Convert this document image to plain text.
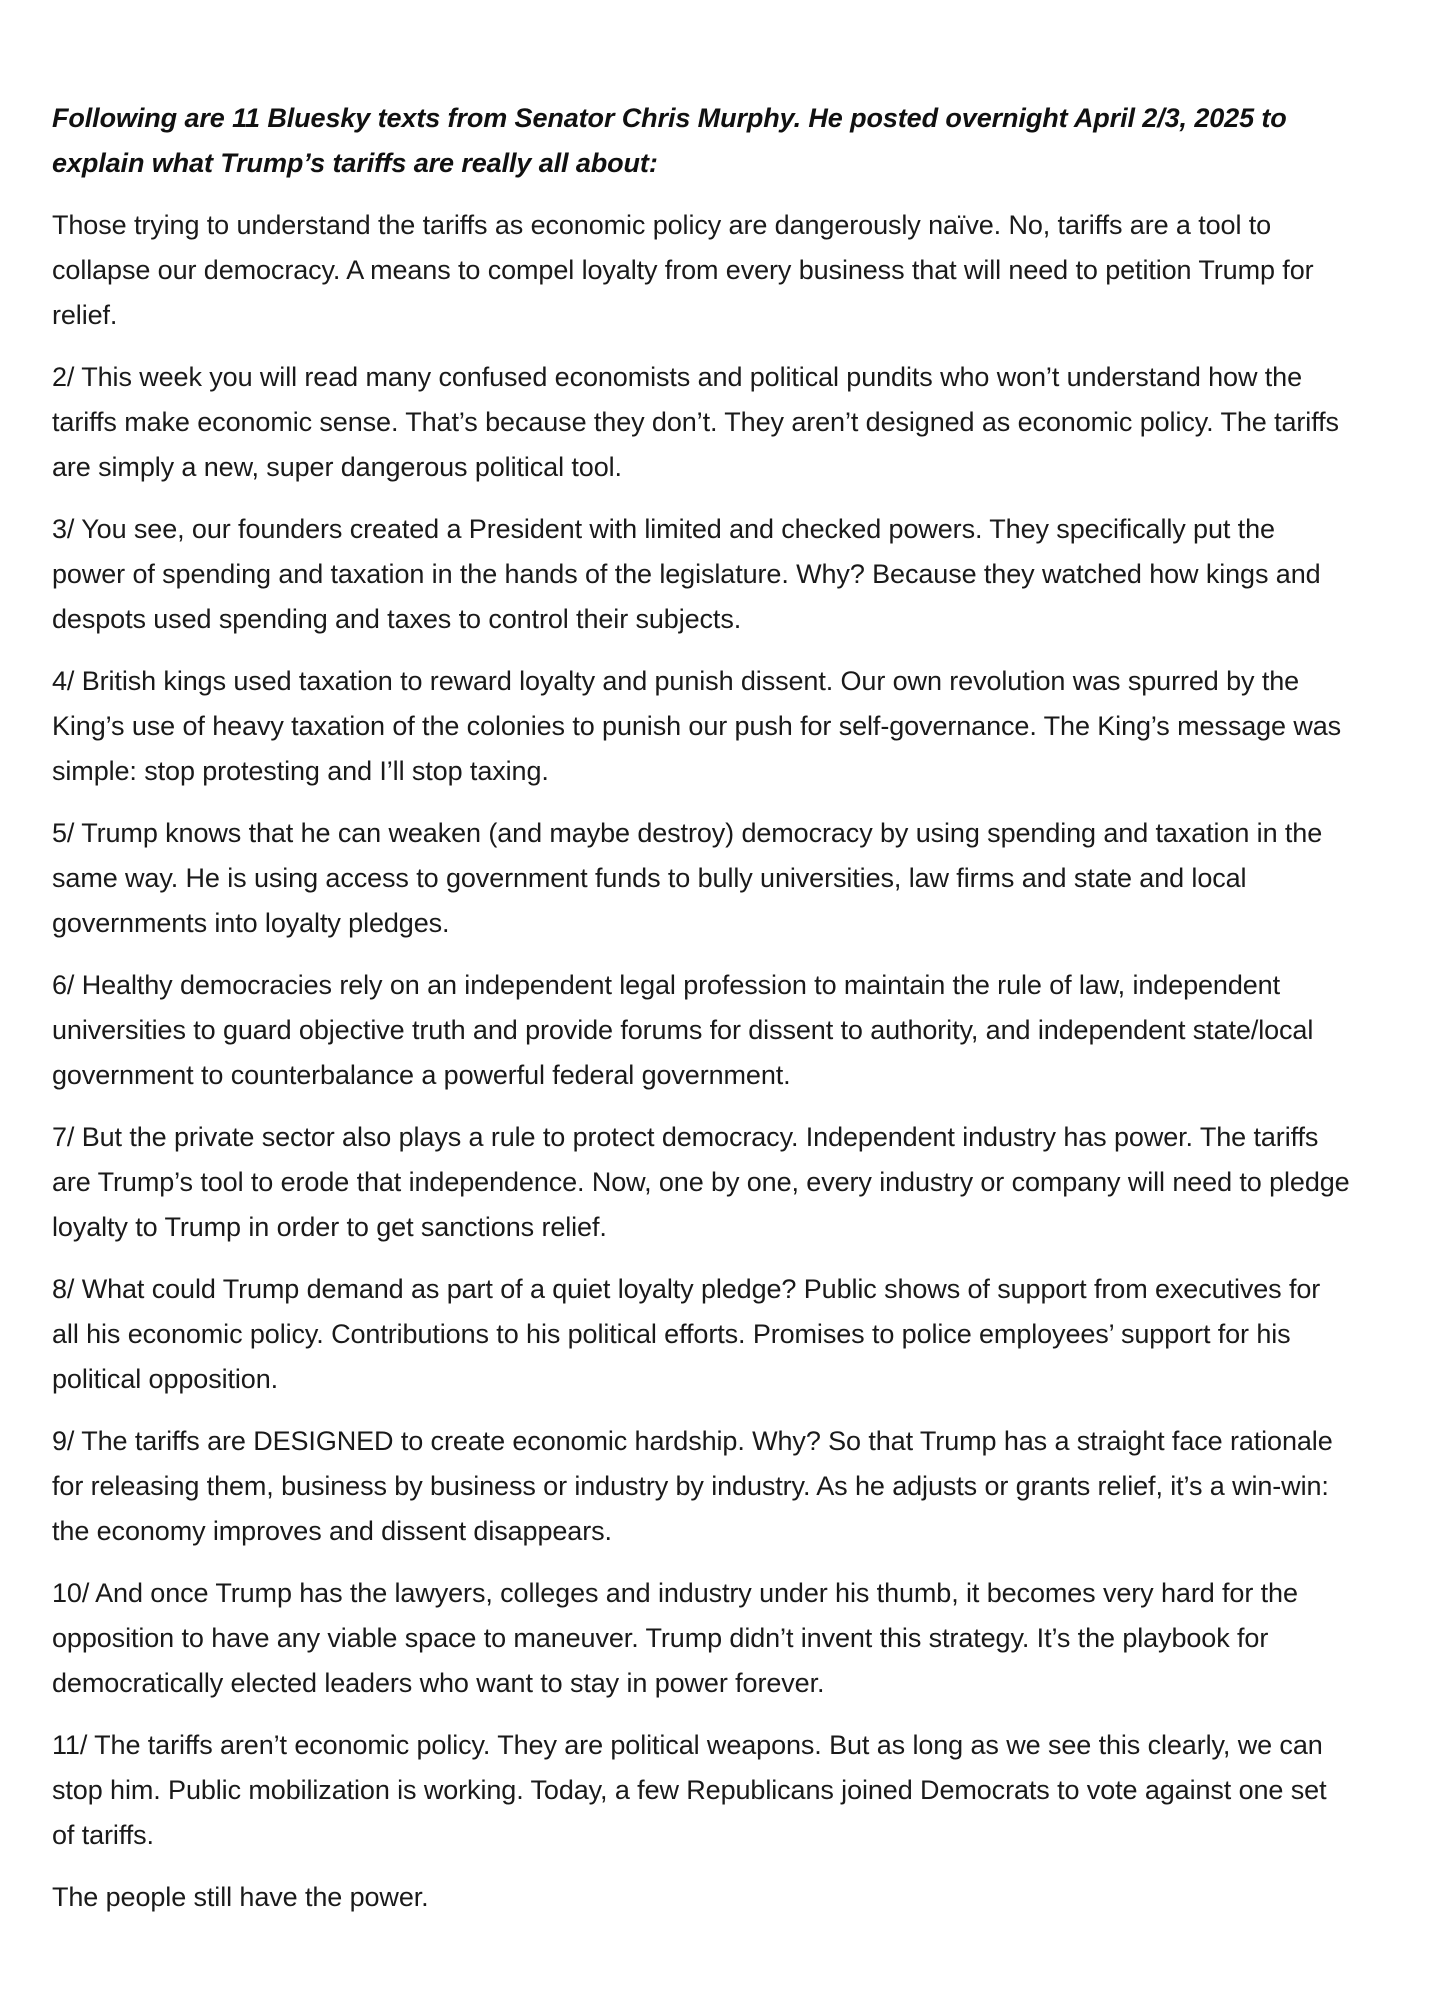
Following are 11 Bluesky texts from Senator Chris Murphy. He posted overnight April 2/3, 2025 to explain what Trump’s tariffs are really all about:

Those trying to understand the tariffs as economic policy are dangerously naïve. No, tariffs are a tool to collapse our democracy. A means to compel loyalty from every business that will need to petition Trump for relief.

2/ This week you will read many confused economists and political pundits who won’t understand how the tariffs make economic sense. That’s because they don’t. They aren’t designed as economic policy. The tariffs are simply a new, super dangerous political tool.

3/ You see, our founders created a President with limited and checked powers. They specifically put the power of spending and taxation in the hands of the legislature. Why? Because they watched how kings and despots used spending and taxes to control their subjects.

4/ British kings used taxation to reward loyalty and punish dissent. Our own revolution was spurred by the King’s use of heavy taxation of the colonies to punish our push for self-governance. The King’s message was simple: stop protesting and I’ll stop taxing.

5/ Trump knows that he can weaken (and maybe destroy) democracy by using spending and taxation in the same way. He is using access to government funds to bully universities, law firms and state and local governments into loyalty pledges.

6/ Healthy democracies rely on an independent legal profession to maintain the rule of law, independent universities to guard objective truth and provide forums for dissent to authority, and independent state/local government to counterbalance a powerful federal government.

7/ But the private sector also plays a rule to protect democracy. Independent industry has power. The tariffs are Trump’s tool to erode that independence. Now, one by one, every industry or company will need to pledge loyalty to Trump in order to get sanctions relief.

8/ What could Trump demand as part of a quiet loyalty pledge? Public shows of support from executives for all his economic policy. Contributions to his political efforts. Promises to police employees’ support for his political opposition.

9/ The tariffs are DESIGNED to create economic hardship. Why? So that Trump has a straight face rationale for releasing them, business by business or industry by industry. As he adjusts or grants relief, it’s a win-win: the economy improves and dissent disappears.

10/ And once Trump has the lawyers, colleges and industry under his thumb, it becomes very hard for the opposition to have any viable space to maneuver. Trump didn’t invent this strategy. It’s the playbook for democratically elected leaders who want to stay in power forever.

11/ The tariffs aren’t economic policy. They are political weapons. But as long as we see this clearly, we can stop him. Public mobilization is working. Today, a few Republicans joined Democrats to vote against one set of tariffs.

The people still have the power.
